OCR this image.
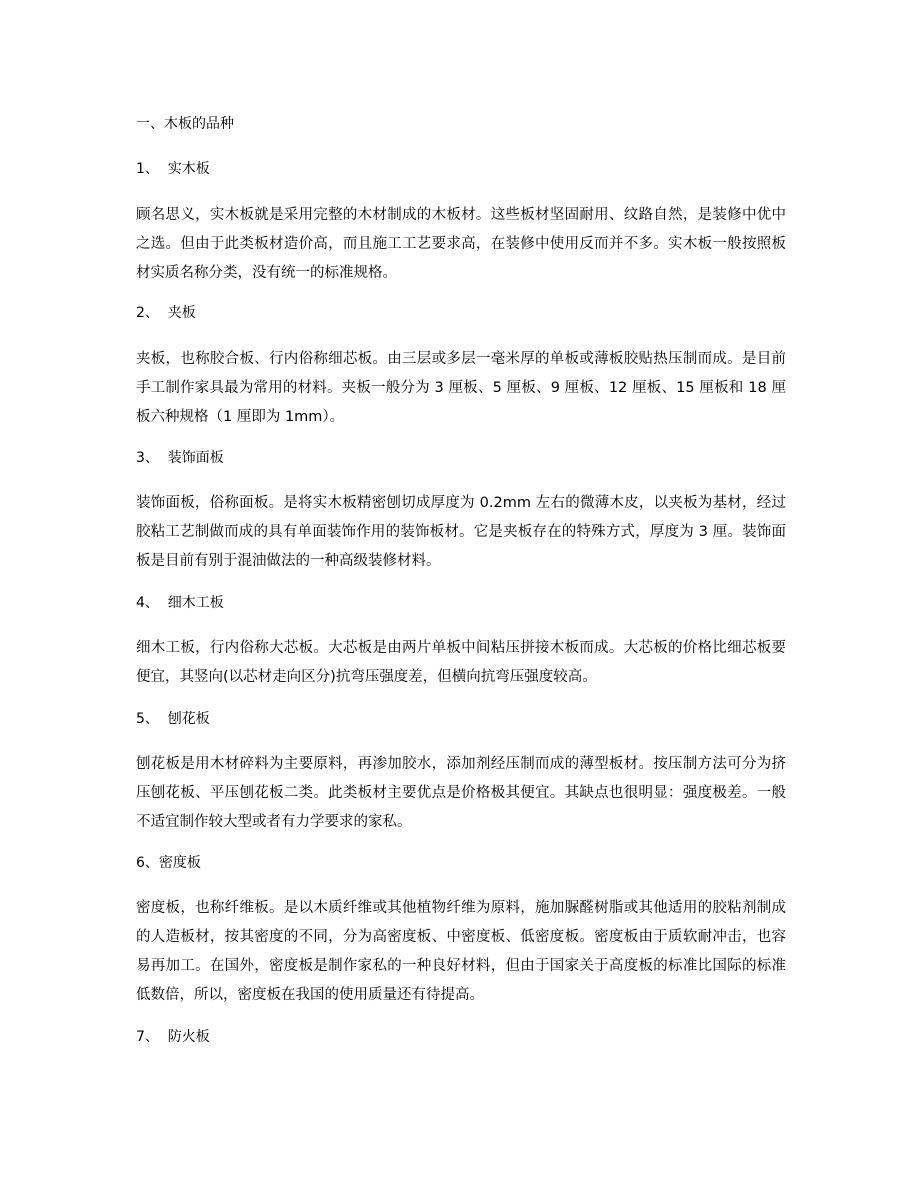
一、木板的品种
1、  实木板
顾名思义，实木板就是采用完整的木材制成的木板材。这些板材坚固耐用、纹路自然，是装修中优中之选。但由于此类板材造价高，而且施工工艺要求高，在装修中使用反而并不多。实木板一般按照板材实质名称分类，没有统一的标准规格。
2、  夹板
夹板，也称胶合板、行内俗称细芯板。由三层或多层一毫米厚的单板或薄板胶贴热压制而成。是目前手工制作家具最为常用的材料。夹板一般分为 3 厘板、5 厘板、9 厘板、12 厘板、15 厘板和 18 厘板六种规格（1 厘即为 1mm）。
3、  装饰面板
装饰面板，俗称面板。是将实木板精密刨切成厚度为 0.2mm 左右的微薄木皮，以夹板为基材，经过胶粘工艺制做而成的具有单面装饰作用的装饰板材。它是夹板存在的特殊方式，厚度为 3 厘。装饰面板是目前有别于混油做法的一种高级装修材料。
4、  细木工板
细木工板，行内俗称大芯板。大芯板是由两片单板中间粘压拼接木板而成。大芯板的价格比细芯板要便宜，其竖向(以芯材走向区分)抗弯压强度差，但横向抗弯压强度较高。
5、  刨花板
刨花板是用木材碎料为主要原料，再渗加胶水，添加剂经压制而成的薄型板材。按压制方法可分为挤压刨花板、平压刨花板二类。此类板材主要优点是价格极其便宜。其缺点也很明显：强度极差。一般不适宜制作较大型或者有力学要求的家私。
6、密度板
密度板，也称纤维板。是以木质纤维或其他植物纤维为原料，施加脲醛树脂或其他适用的胶粘剂制成的人造板材，按其密度的不同，分为高密度板、中密度板、低密度板。密度板由于质软耐冲击，也容易再加工。在国外，密度板是制作家私的一种良好材料，但由于国家关于高度板的标准比国际的标准低数倍，所以，密度板在我国的使用质量还有待提高。
7、  防火板
